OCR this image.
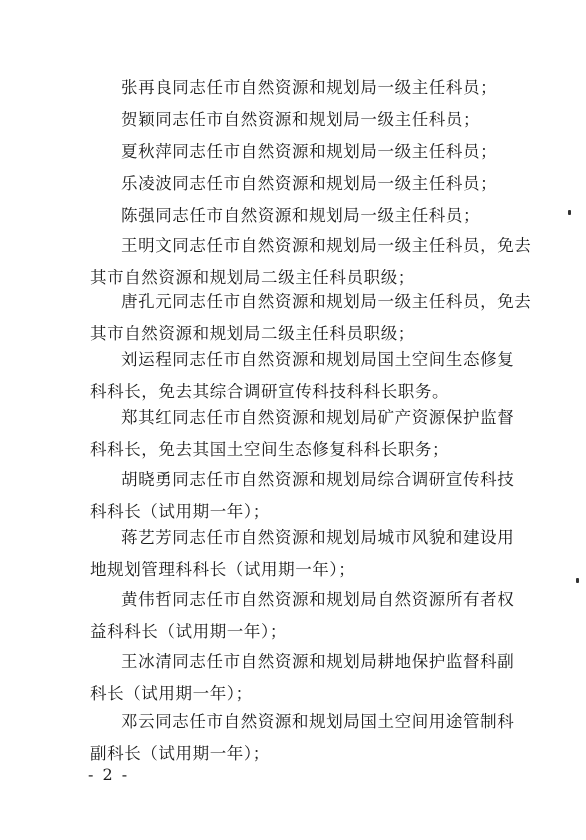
张再良同志任市自然资源和规划局一级主任科员；
贺颖同志任市自然资源和规划局一级主任科员；
夏秋萍同志任市自然资源和规划局一级主任科员；
乐凌波同志任市自然资源和规划局一级主任科员；
陈强同志任市自然资源和规划局一级主任科员；
王明文同志任市自然资源和规划局一级主任科员，免去
其市自然资源和规划局二级主任科员职级；
唐孔元同志任市自然资源和规划局一级主任科员，免去
其市自然资源和规划局二级主任科员职级；
刘运程同志任市自然资源和规划局国土空间生态修复
科科长，免去其综合调研宣传科技科科长职务。
郑其红同志任市自然资源和规划局矿产资源保护监督
科科长，免去其国土空间生态修复科科长职务；
胡晓勇同志任市自然资源和规划局综合调研宣传科技
科科长（试用期一年）；
蒋艺芳同志任市自然资源和规划局城市风貌和建设用
地规划管理科科长（试用期一年）；
黄伟哲同志任市自然资源和规划局自然资源所有者权
益科科长（试用期一年）；
王冰清同志任市自然资源和规划局耕地保护监督科副
科长（试用期一年）；
邓云同志任市自然资源和规划局国土空间用途管制科
副科长（试用期一年）；
- 2 -
